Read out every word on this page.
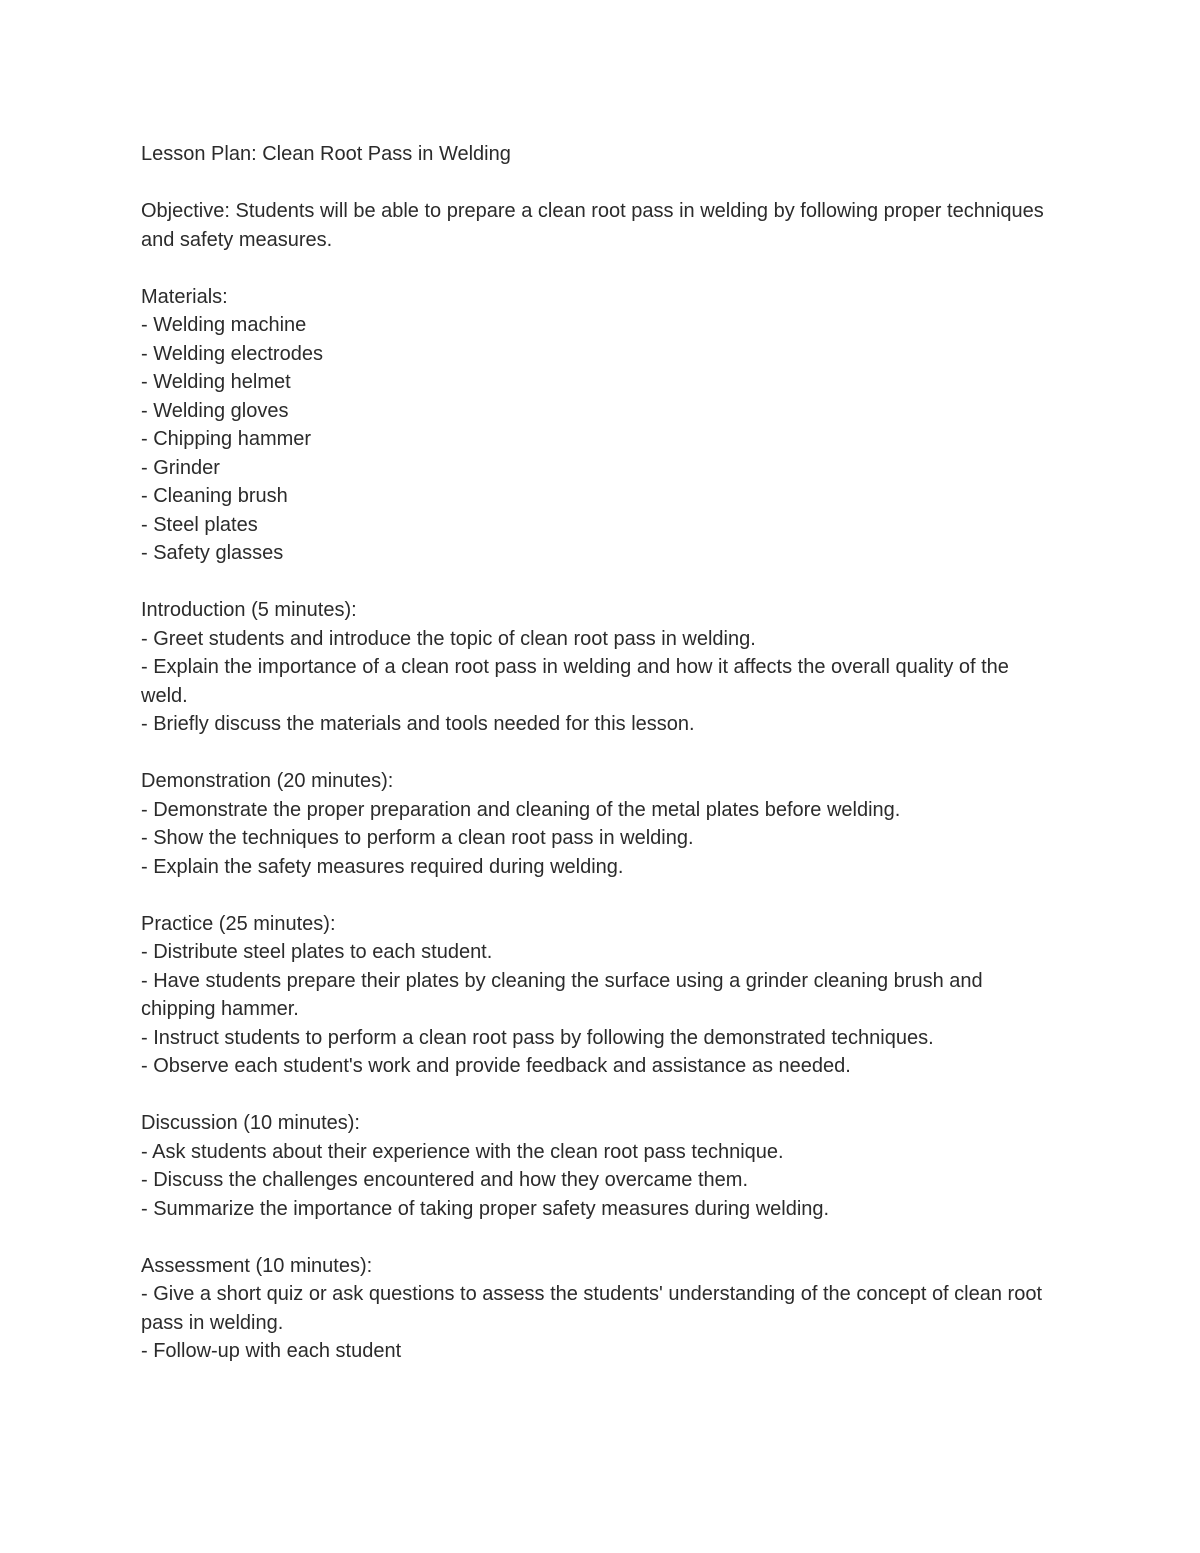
Lesson Plan: Clean Root Pass in Welding

Objective: Students will be able to prepare a clean root pass in welding by following proper techniques and safety measures.

Materials:

- Welding machine

- Welding electrodes

- Welding helmet

- Welding gloves

- Chipping hammer

- Grinder

- Cleaning brush

- Steel plates

- Safety glasses

Introduction (5 minutes):

- Greet students and introduce the topic of clean root pass in welding.

- Explain the importance of a clean root pass in welding and how it affects the overall quality of the weld.

- Briefly discuss the materials and tools needed for this lesson.

Demonstration (20 minutes):

- Demonstrate the proper preparation and cleaning of the metal plates before welding.

- Show the techniques to perform a clean root pass in welding.

- Explain the safety measures required during welding.

Practice (25 minutes):

- Distribute steel plates to each student.

- Have students prepare their plates by cleaning the surface using a grinder cleaning brush and chipping hammer.

- Instruct students to perform a clean root pass by following the demonstrated techniques.

- Observe each student's work and provide feedback and assistance as needed.

Discussion (10 minutes):

- Ask students about their experience with the clean root pass technique.

- Discuss the challenges encountered and how they overcame them.

- Summarize the importance of taking proper safety measures during welding.

Assessment (10 minutes):

- Give a short quiz or ask questions to assess the students' understanding of the concept of clean root pass in welding.

- Follow-up with each student
